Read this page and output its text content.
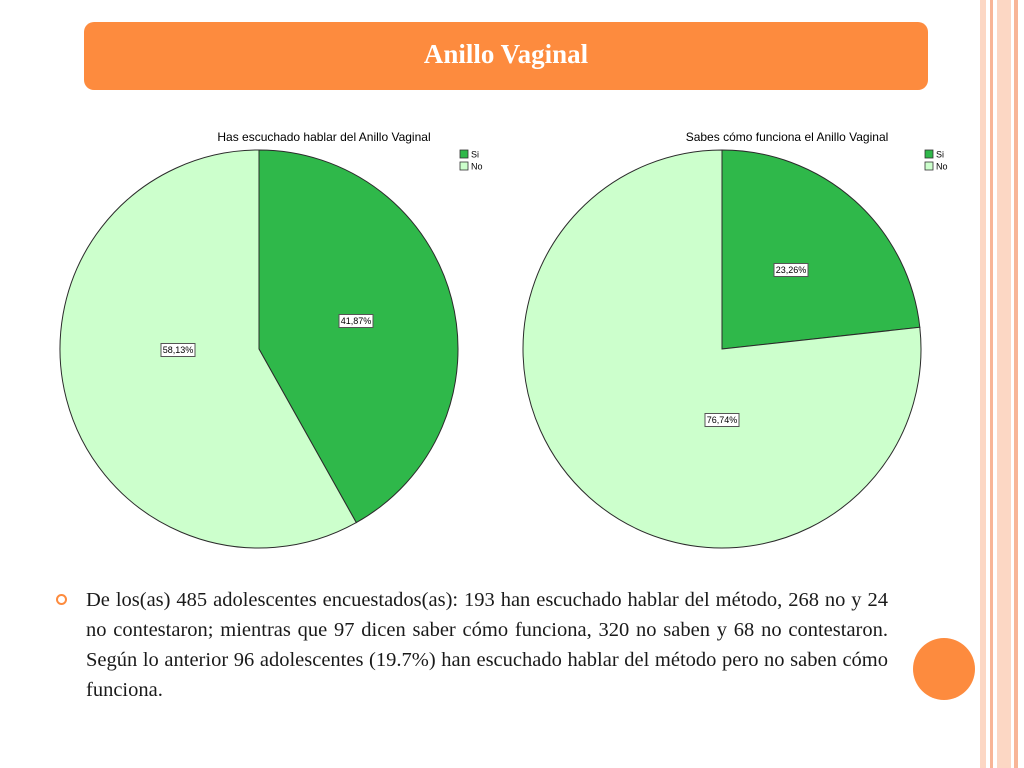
Anillo Vaginal
Has escuchado hablar del Anillo Vaginal
41,87%
58,13%
Si
No
Sabes cómo funciona el Anillo Vaginal
23,26%
76,74%
Si
No

De los(as) 485 adolescentes encuestados(as): 193 han escuchado hablar del método, 268 no y 24 no contestaron; mientras que 97 dicen saber cómo funciona, 320 no saben y 68 no contestaron. Según lo anterior 96 adolescentes (19.7%) han escuchado hablar del método pero no saben cómo funciona.
